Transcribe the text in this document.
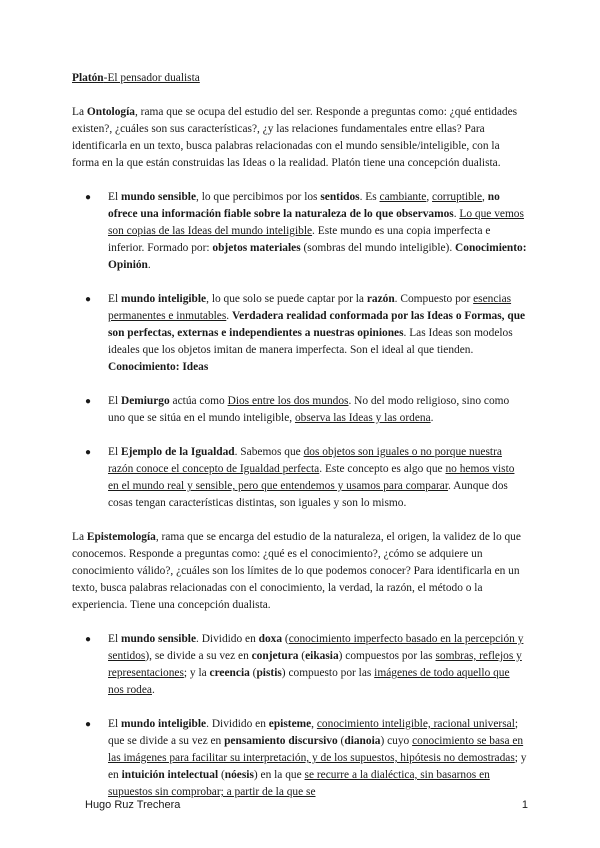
Platón-El pensador dualista

La Ontología, rama que se ocupa del estudio del ser. Responde a preguntas como: ¿qué entidades existen?, ¿cuáles son sus características?, ¿y las relaciones fundamentales entre ellas? Para identificarla en un texto, busca palabras relacionadas con el mundo sensible/inteligible, con la forma en la que están construidas las Ideas o la realidad. Platón tiene una concepción dualista.

● El mundo sensible, lo que percibimos por los sentidos. Es cambiante, corruptible, no ofrece una información fiable sobre la naturaleza de lo que observamos. Lo que vemos son copias de las Ideas del mundo inteligible. Este mundo es una copia imperfecta e inferior. Formado por: objetos materiales (sombras del mundo inteligible). Conocimiento: Opinión.
● El mundo inteligible, lo que solo se puede captar por la razón. Compuesto por esencias permanentes e inmutables. Verdadera realidad conformada por las Ideas o Formas, que son perfectas, externas e independientes a nuestras opiniones. Las Ideas son modelos ideales que los objetos imitan de manera imperfecta. Son el ideal al que tienden. Conocimiento: Ideas
● El Demiurgo actúa como Dios entre los dos mundos. No del modo religioso, sino como uno que se sitúa en el mundo inteligible, observa las Ideas y las ordena.
● El Ejemplo de la Igualdad. Sabemos que dos objetos son iguales o no porque nuestra razón conoce el concepto de Igualdad perfecta. Este concepto es algo que no hemos visto en el mundo real y sensible, pero que entendemos y usamos para comparar. Aunque dos cosas tengan características distintas, son iguales y son lo mismo.

La Epistemología, rama que se encarga del estudio de la naturaleza, el origen, la validez de lo que conocemos. Responde a preguntas como: ¿qué es el conocimiento?, ¿cómo se adquiere un conocimiento válido?, ¿cuáles son los límites de lo que podemos conocer? Para identificarla en un texto, busca palabras relacionadas con el conocimiento, la verdad, la razón, el método o la experiencia. Tiene una concepción dualista.

● El mundo sensible. Dividido en doxa (conocimiento imperfecto basado en la percepción y sentidos), se divide a su vez en conjetura (eikasia) compuestos por las sombras, reflejos y representaciones; y la creencia (pistis) compuesto por las imágenes de todo aquello que nos rodea.
● El mundo inteligible. Dividido en episteme, conocimiento inteligible, racional universal; que se divide a su vez en pensamiento discursivo (dianoia) cuyo conocimiento se basa en las imágenes para facilitar su interpretación, y de los supuestos, hipótesis no demostradas; y en intuición intelectual (nóesis) en la que se recurre a la dialéctica, sin basarnos en supuestos sin comprobar; a partir de la que se
Hugo Ruz Trechera	1
